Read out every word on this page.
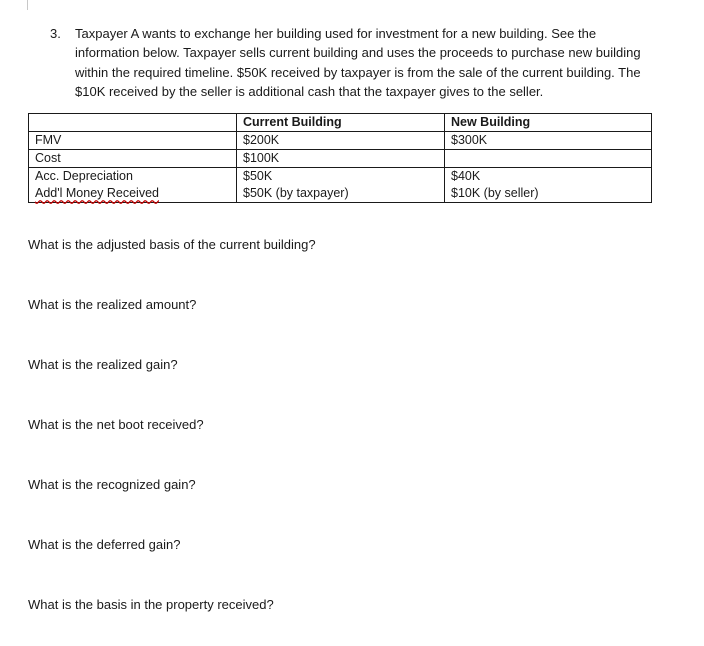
3. Taxpayer A wants to exchange her building used for investment for a new building. See the information below. Taxpayer sells current building and uses the proceeds to purchase new building within the required timeline. $50K received by taxpayer is from the sale of the current building. The $10K received by the seller is additional cash that the taxpayer gives to the seller.
	Current Building	New Building
FMV	$200K	$300K
Cost	$100K	
Acc. Depreciation	$50K	$40K
Add'l Money Received	$50K (by taxpayer)	$10K (by seller)
What is the adjusted basis of the current building?
What is the realized amount?
What is the realized gain?
What is the net boot received?
What is the recognized gain?
What is the deferred gain?
What is the basis in the property received?
